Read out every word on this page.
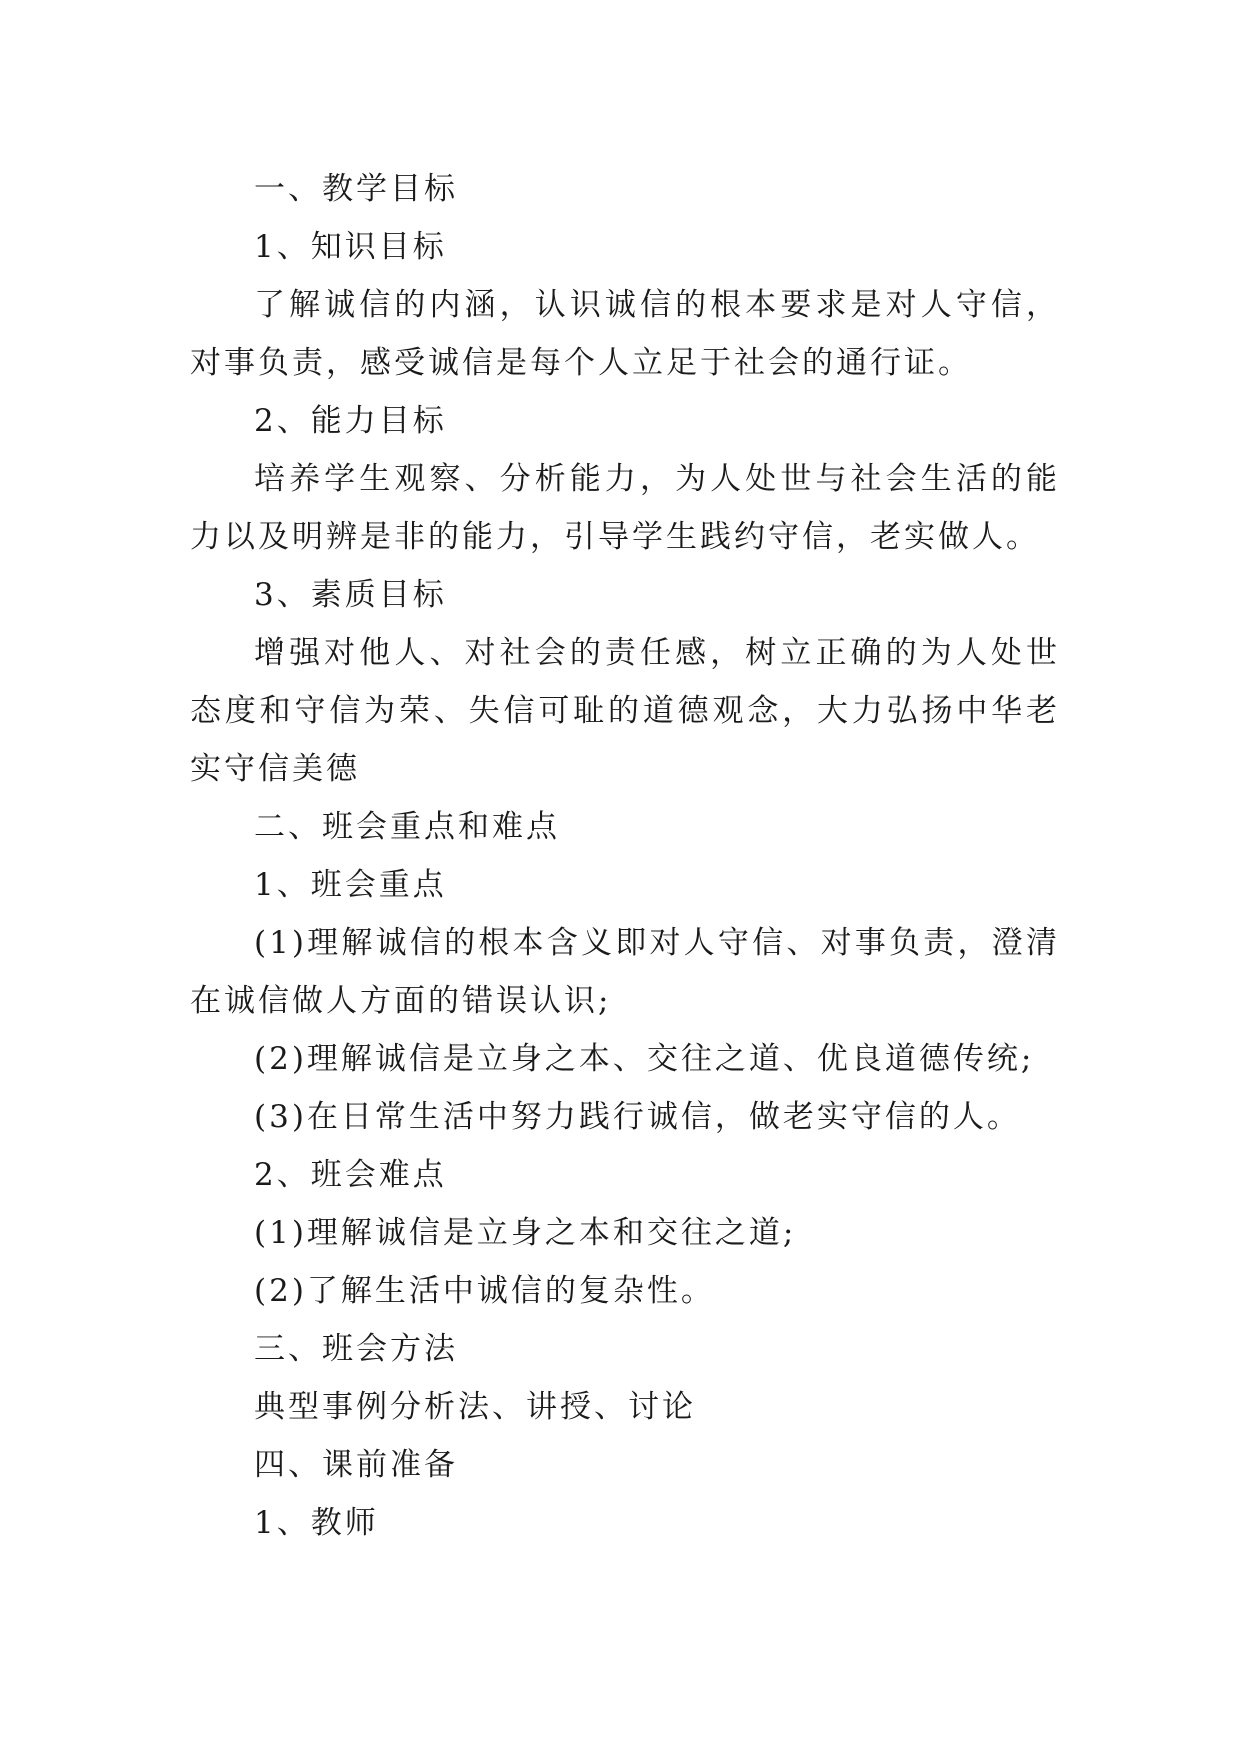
一、教学目标
1、知识目标
了解诚信的内涵，认识诚信的根本要求是对人守信，对事负责，感受诚信是每个人立足于社会的通行证。
2、能力目标
培养学生观察、分析能力，为人处世与社会生活的能力以及明辨是非的能力，引导学生践约守信，老实做人。
3、素质目标
增强对他人、对社会的责任感，树立正确的为人处世态度和守信为荣、失信可耻的道德观念，大力弘扬中华老实守信美德
二、班会重点和难点
1、班会重点
(1)理解诚信的根本含义即对人守信、对事负责，澄清在诚信做人方面的错误认识;
(2)理解诚信是立身之本、交往之道、优良道德传统;
(3)在日常生活中努力践行诚信，做老实守信的人。
2、班会难点
(1)理解诚信是立身之本和交往之道;
(2)了解生活中诚信的复杂性。
三、班会方法
典型事例分析法、讲授、讨论
四、课前准备
1、教师
